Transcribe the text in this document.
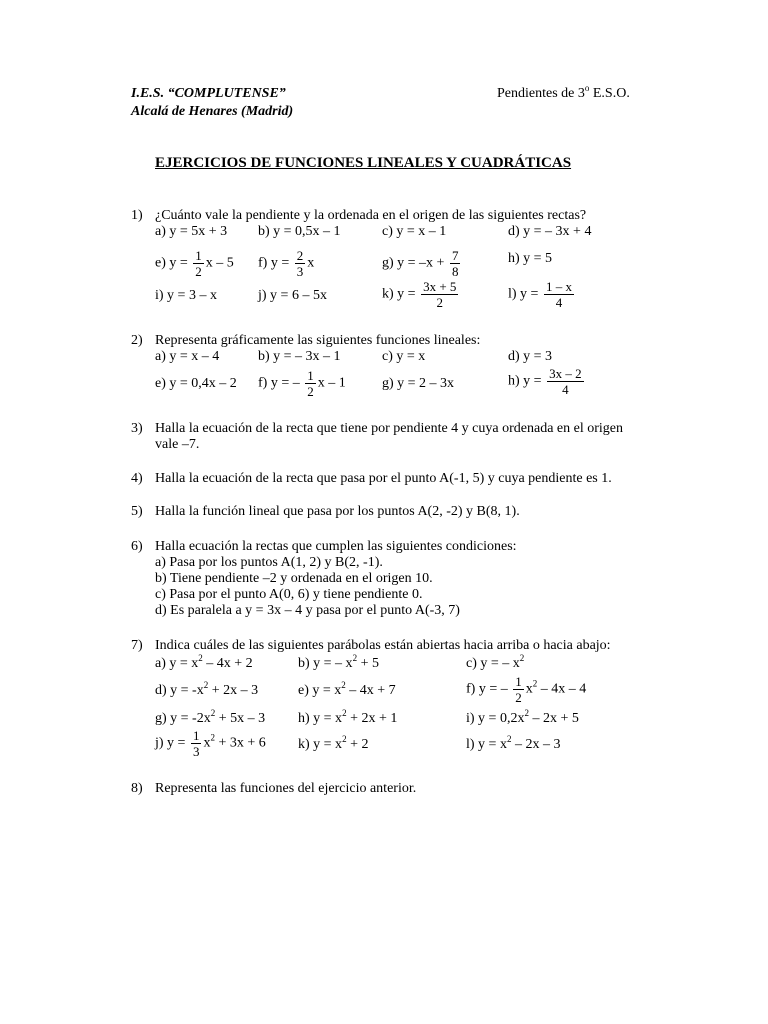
I.E.S. “COMPLUTENSE”
Alcalá de Henares (Madrid)
Pendientes de 3$^o$ E.S.O.
EJERCICIOS DE FUNCIONES LINEALES Y CUADRÁTICAS
1) ¿Cuánto vale la pendiente y la ordenada en el origen de las siguientes rectas?
a) y = 5x + 3 b) y = 0,5x – 1	c) y = x – 1	d) y = – 3x + 4
e) $y = \frac{1}{2}$ x – 5 f) $y = \frac{2}{3}$ x	g) $y = -x + \frac{7}{8}$	h) y = 5
i) y = 3 – x	j) y = 6 – 5x	k) $y = \frac{3x + 5}{2}$	l) $y = \frac{1 - x}{4}$
2) Representa gráficamente las siguientes funciones lineales:
a) y = x – 4	b) y = – 3x – 1	c) y = x	d) y = 3
e) y = 0,4x – 2 f) y = – $\frac{1}{2}$ x – 1	g) y = 2 – 3x	h) $y = \frac{3x - 2}{4}$
3) Halla la ecuación de la recta que tiene por pendiente 4 y cuya ordenada en el origen
vale –7.
4) Halla la ecuación de la recta que pasa por el punto A(-1, 5) y cuya pendiente es 1.
5) Halla la función lineal que pasa por los puntos A(2, -2) y B(8, 1).
6) Halla ecuación la rectas que cumplen las siguientes condiciones:
a) Pasa por los puntos A(1, 2) y B(2, -1).
b) Tiene pendiente –2 y ordenada en el origen 10.
c) Pasa por el punto A(0, 6) y tiene pendiente 0.
d) Es paralela a y = 3x – 4 y pasa por el punto A(-3, 7)
7) Indica cuáles de las siguientes parábolas están abiertas hacia arriba o hacia abajo:
a) $y = x^2 - 4x + 2$	b) y = – $x^2 + 5$	c) y = – $x^2$
d) $y = -x^2 + 2x - 3$	e) $y = x^2 - 4x + 7$	f) y = – $\frac{1}{2} x^2 - 4x - 4$
g) $y = -2x^2 + 5x - 3$ h) $y = x^2 + 2x + 1$	i) $y = 0,2x^2 - 2x + 5$
j) $y = \frac{1}{3} x^2 + 3x + 6$ k) $y = x^2 + 2$	l) $y = x^2 - 2x - 3$
8) Representa las funciones del ejercicio anterior.
